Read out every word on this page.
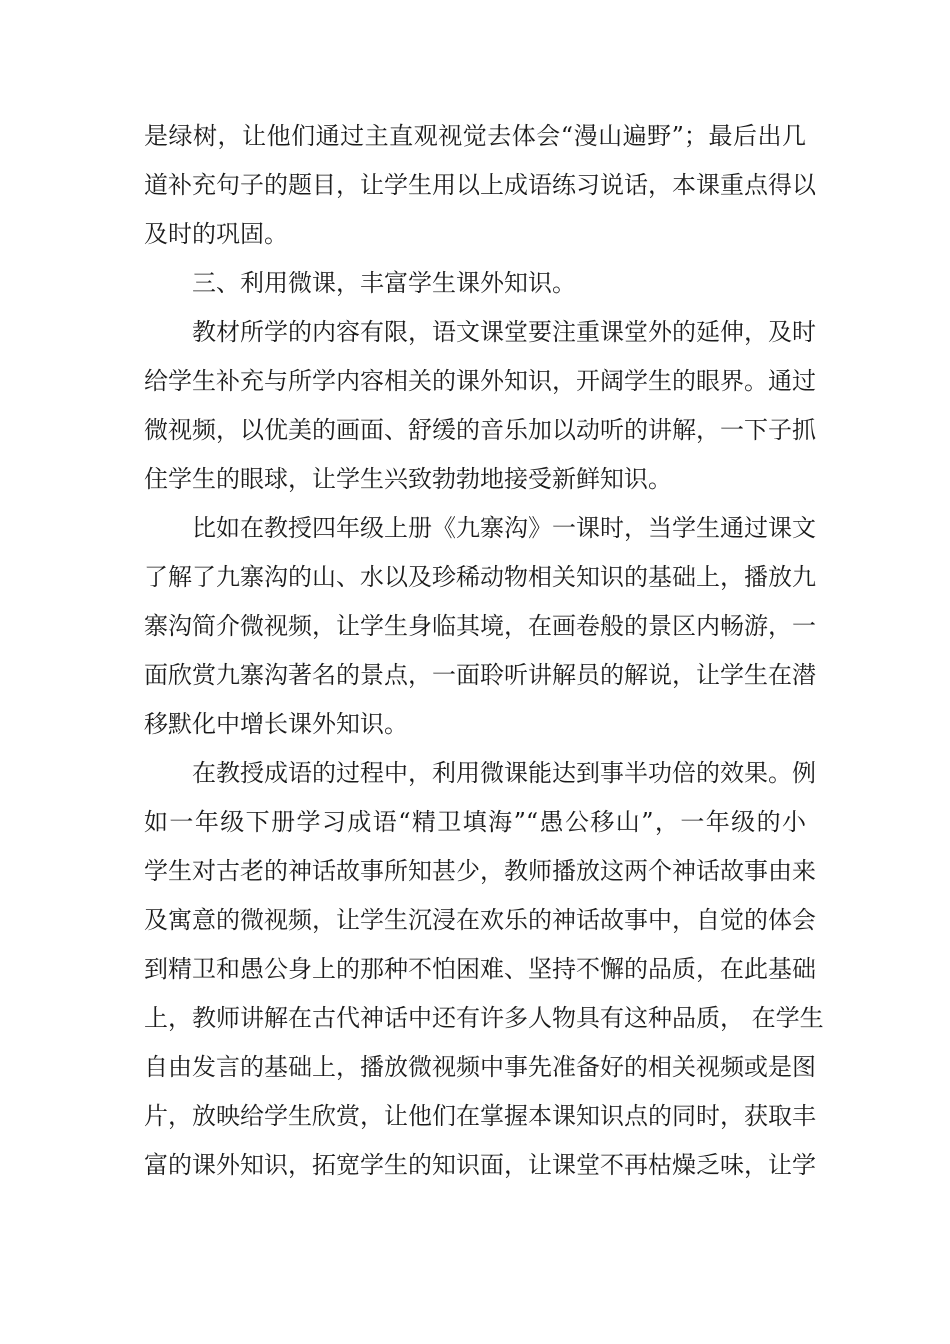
是绿树，让他们通过主直观视觉去体会“漫山遍野”；最后出几
道补充句子的题目，让学生用以上成语练习说话，本课重点得以
及时的巩固。
三、利用微课，丰富学生课外知识。
教材所学的内容有限，语文课堂要注重课堂外的延伸，及时
给学生补充与所学内容相关的课外知识，开阔学生的眼界。通过
微视频，以优美的画面、舒缓的音乐加以动听的讲解，一下子抓
住学生的眼球，让学生兴致勃勃地接受新鲜知识。
比如在教授四年级上册《九寨沟》一课时，当学生通过课文
了解了九寨沟的山、水以及珍稀动物相关知识的基础上，播放九
寨沟简介微视频，让学生身临其境，在画卷般的景区内畅游，一
面欣赏九寨沟著名的景点，一面聆听讲解员的解说，让学生在潜
移默化中增长课外知识。
在教授成语的过程中，利用微课能达到事半功倍的效果。例
如一年级下册学习成语“精卫填海”“愚公移山”，一年级的小
学生对古老的神话故事所知甚少，教师播放这两个神话故事由来
及寓意的微视频，让学生沉浸在欢乐的神话故事中，自觉的体会
到精卫和愚公身上的那种不怕困难、坚持不懈的品质，在此基础
上，教师讲解在古代神话中还有许多人物具有这种品质， 在学生
自由发言的基础上，播放微视频中事先准备好的相关视频或是图
片，放映给学生欣赏，让他们在掌握本课知识点的同时，获取丰
富的课外知识，拓宽学生的知识面，让课堂不再枯燥乏味，让学
